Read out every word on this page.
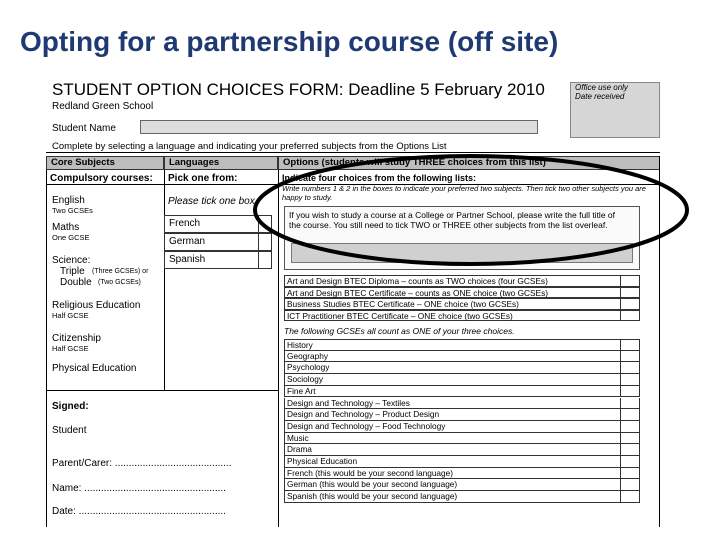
Opting for a partnership course (off site)
STUDENT OPTION CHOICES FORM: Deadline 5 February 2010
Redland Green School
Office use only
Date received
Student Name
Complete by selecting a language and indicating your preferred subjects from the Options List
Core Subjects	Languages	Options (students will study THREE choices from this list)
Compulsory courses:
English
Two GCSEs
Maths
One GCSE
Science:
Triple (Three GCSEs) or
Double (Two GCSEs)
Religious Education
Half GCSE
Citizenship
Half GCSE
Physical Education
Pick one from:
Please tick one box
French
German
Spanish
Indicate four choices from the following lists:
Write numbers 1 & 2 in the boxes to indicate your preferred two subjects. Then tick two other subjects you are happy to study.
If you wish to study a course at a College or Partner School, please write the full title of the course. You still need to tick TWO or THREE other subjects from the list overleaf.
Art and Design BTEC Diploma – counts as TWO choices (four GCSEs)
Art and Design BTEC Certificate – counts as ONE choice (two GCSEs)
Business Studies BTEC Certificate – ONE choice (two GCSEs)
ICT Practitioner BTEC Certificate – ONE choice (two GCSEs)
The following GCSEs all count as ONE of your three choices.
History
Geography
Psychology
Sociology
Fine Art
Design and Technology – Textiles
Design and Technology – Product Design
Design and Technology – Food Technology
Music
Drama
Physical Education
French (this would be your second language)
German (this would be your second language)
Spanish (this would be your second language)
Signed:
Student
Parent/Carer: ..........................................
Name: ...................................................
Date: .....................................................
